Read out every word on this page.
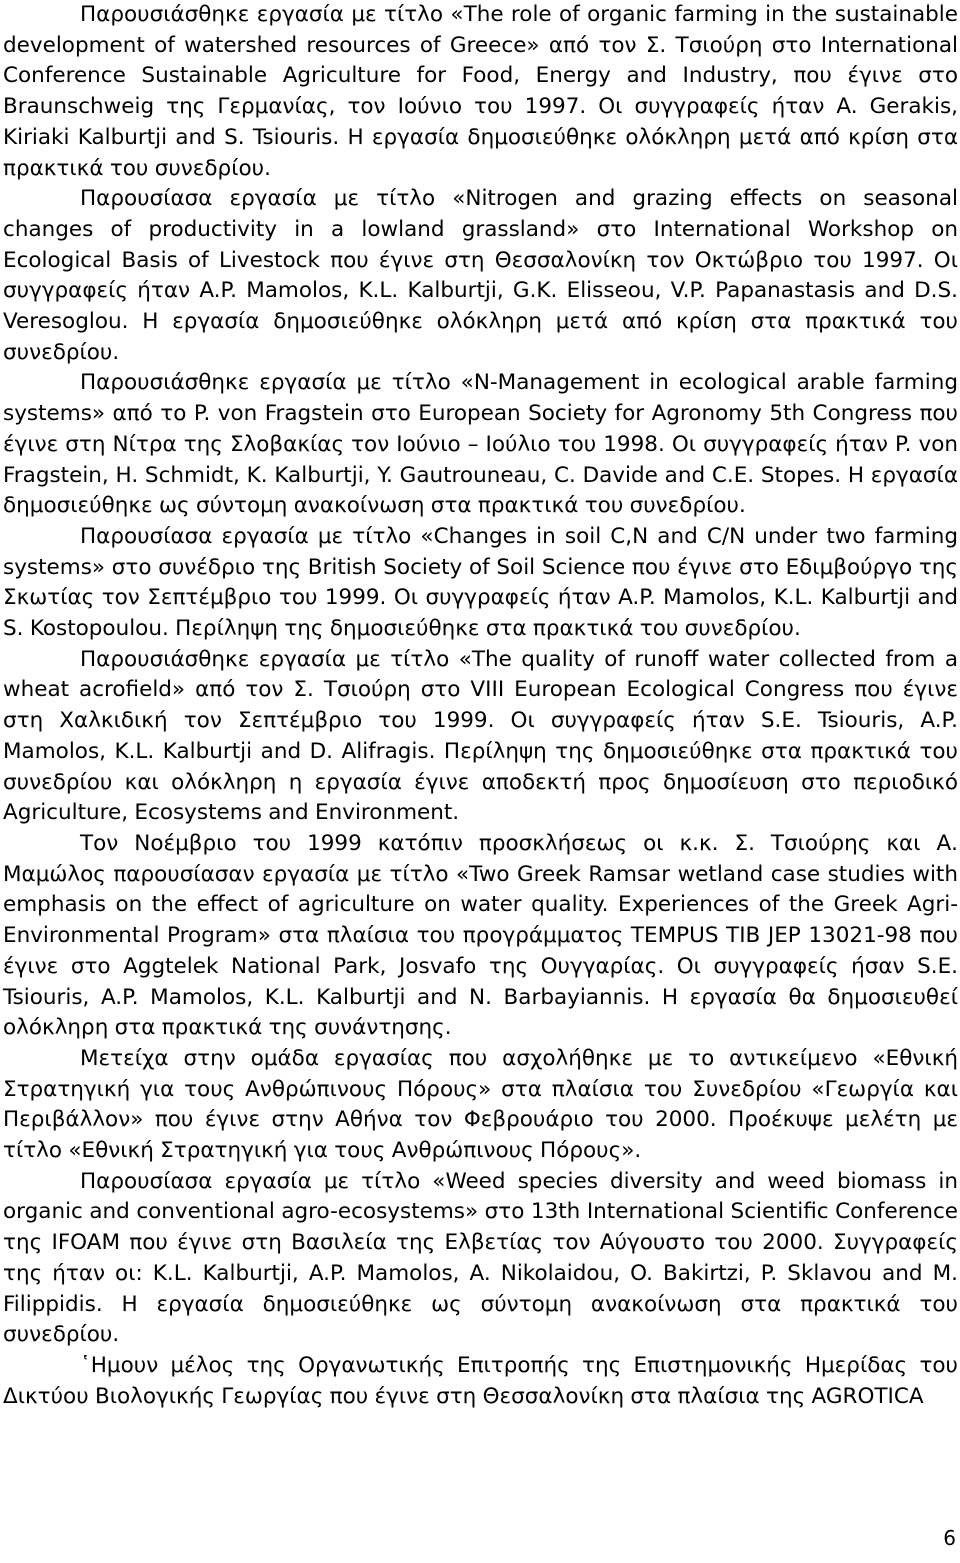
Παρουσιάσθηκε εργασία με τίτλο «The role of organic farming in the sustainable development of watershed resources of Greece» από τον Σ. Τσιούρη στο International Conference Sustainable Agriculture for Food, Energy and Industry, που έγινε στο Braunschweig της Γερμανίας, τον Ιούνιο του 1997. Οι συγγραφείς ήταν A. Gerakis, Kiriaki Kalburtji and S. Tsiouris. Η εργασία δημοσιεύθηκε ολόκληρη μετά από κρίση στα πρακτικά του συνεδρίου.

Παρουσίασα εργασία με τίτλο «Nitrogen and grazing effects on seasonal changes of productivity in a lowland grassland» στο International Workshop on Ecological Basis of Livestock που έγινε στη Θεσσαλονίκη τον Οκτώβριο του 1997. Οι συγγραφείς ήταν A.P. Mamolos, K.L. Kalburtji, G.K. Elisseou, V.P. Papanastasis and D.S. Veresoglou. Η εργασία δημοσιεύθηκε ολόκληρη μετά από κρίση στα πρακτικά του συνεδρίου.

Παρουσιάσθηκε εργασία με τίτλο «N-Management in ecological arable farming systems» από το P. von Fragstein στο European Society for Agronomy 5th Congress που έγινε στη Νίτρα της Σλοβακίας τον Ιούνιο – Ιούλιο του 1998. Οι συγγραφείς ήταν P. von Fragstein, H. Schmidt, K. Kalburtji, Y. Gautrouneau, C. Davide and C.E. Stopes. Η εργασία δημοσιεύθηκε ως σύντομη ανακοίνωση στα πρακτικά του συνεδρίου.

Παρουσίασα εργασία με τίτλο «Changes in soil C,N and C/N under two farming systems» στο συνέδριο της British Society of Soil Science που έγινε στο Εδιμβούργο της Σκωτίας τον Σεπτέμβριο του 1999. Οι συγγραφείς ήταν A.P. Mamolos, K.L. Kalburtji and S. Kostopoulou. Περίληψη της δημοσιεύθηκε στα πρακτικά του συνεδρίου.

Παρουσιάσθηκε εργασία με τίτλο «The quality of runoff water collected from a wheat acrofield» από τον Σ. Τσιούρη στο VIII European Ecological Congress που έγινε στη Χαλκιδική τον Σεπτέμβριο του 1999. Οι συγγραφείς ήταν S.E. Tsiouris, A.P. Mamolos, K.L. Kalburtji and D. Alifragis. Περίληψη της δημοσιεύθηκε στα πρακτικά του συνεδρίου και ολόκληρη η εργασία έγινε αποδεκτή προς δημοσίευση στο περιοδικό Agriculture, Ecosystems and Environment.

Τον Νοέμβριο του 1999 κατόπιν προσκλήσεως οι κ.κ. Σ. Τσιούρης και Α. Μαμώλος παρουσίασαν εργασία με τίτλο «Two Greek Ramsar wetland case studies with emphasis on the effect of agriculture on water quality. Experiences of the Greek Agri-Environmental Program» στα πλαίσια του προγράμματος TEMPUS TIB JEP 13021-98 που έγινε στο Aggtelek National Park, Josvafo της Ουγγαρίας. Οι συγγραφείς ήσαν S.E. Tsiouris, A.P. Mamolos, K.L. Kalburtji and N. Barbayiannis. Η εργασία θα δημοσιευθεί ολόκληρη στα πρακτικά της συνάντησης.

Μετείχα στην ομάδα εργασίας που ασχολήθηκε με το αντικείμενο «Εθνική Στρατηγική για τους Ανθρώπινους Πόρους» στα πλαίσια του Συνεδρίου «Γεωργία και Περιβάλλον» που έγινε στην Αθήνα τον Φεβρουάριο του 2000. Προέκυψε μελέτη με τίτλο «Εθνική Στρατηγική για τους Ανθρώπινους Πόρους».

Παρουσίασα εργασία με τίτλο «Weed species diversity and weed biomass in organic and conventional agro-ecosystems» στο 13th International Scientific Conference της IFOAM που έγινε στη Βασιλεία της Ελβετίας τον Αύγουστο του 2000. Συγγραφείς της ήταν οι: K.L. Kalburtji, A.P. Mamolos, A. Nikolaidou, O. Bakirtzi, P. Sklavou and M. Filippidis. Η εργασία δημοσιεύθηκε ως σύντομη ανακοίνωση στα πρακτικά του συνεδρίου.

῾Ημουν μέλος της Οργανωτικής Επιτροπής της Επιστημονικής Ημερίδας του Δικτύου Βιολογικής Γεωργίας που έγινε στη Θεσσαλονίκη στα πλαίσια της AGROTICA

6
